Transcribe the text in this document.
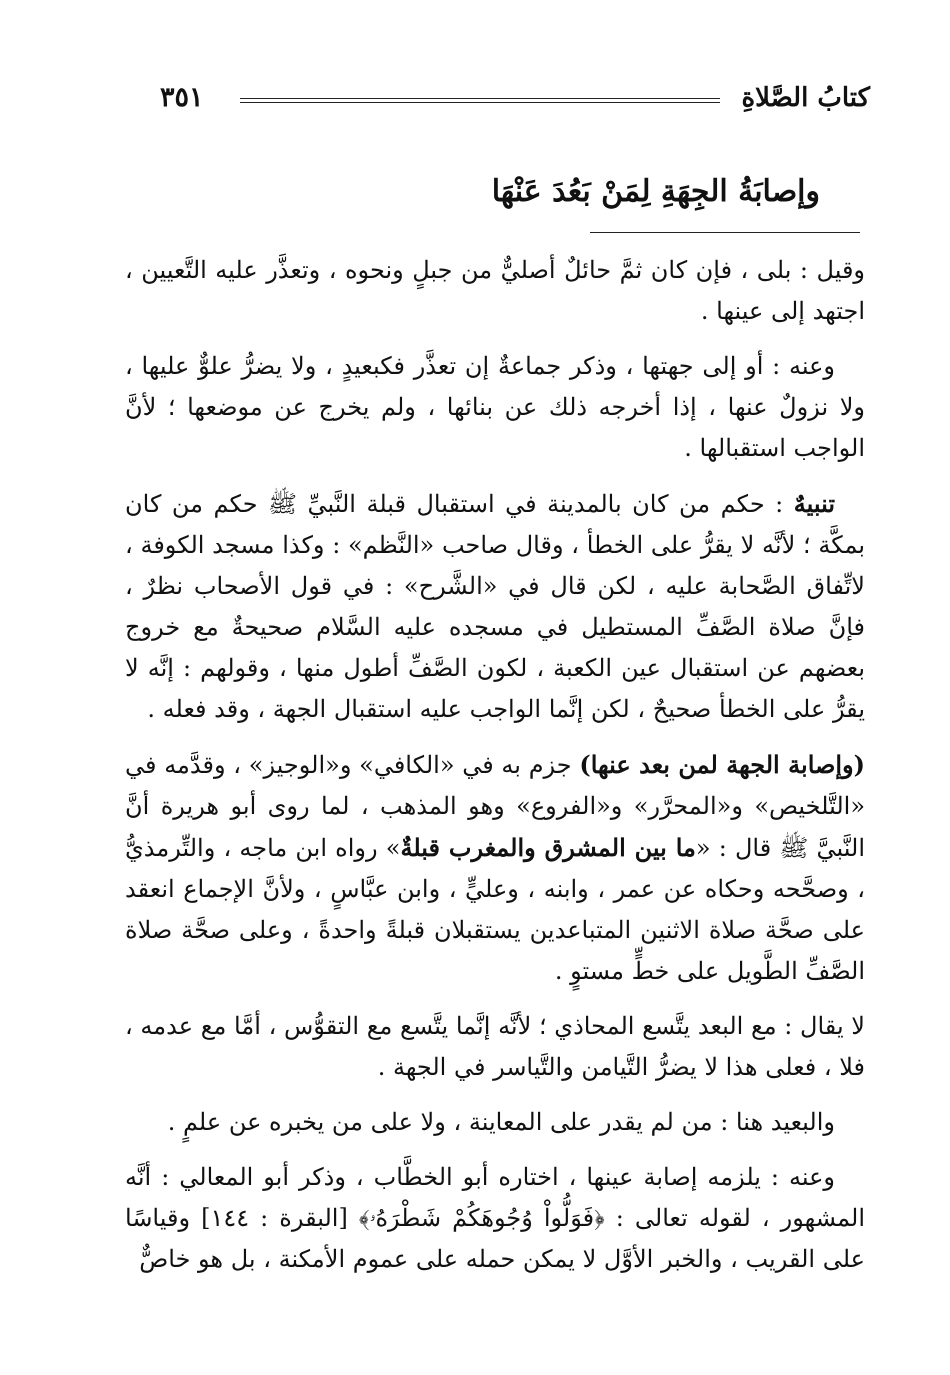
كتابُ الصَّلاةِ
٣٥١
وإصابَةُ الجِهَةِ لِمَنْ بَعُدَ عَنْهَا

وقيل : بلى ، فإن كان ثمَّ حائلٌ أصليٌّ من جبلٍ ونحوه ، وتعذَّر عليه التَّعيين ، اجتهد إلى عينها .

وعنه : أو إلى جهتها ، وذكر جماعةٌ إن تعذَّر فكبعيدٍ ، ولا يضرُّ علوٌّ عليها ، ولا نزولٌ عنها ، إذا أخرجه ذلك عن بنائها ، ولم يخرج عن موضعها ؛ لأنَّ الواجب استقبالها .

تنبيهٌ : حكم من كان بالمدينة في استقبال قبلة النَّبيِّ ﷺ حكم من كان بمكَّة ؛ لأنَّه لا يقرُّ على الخطأ ، وقال صاحب «النَّظم» : وكذا مسجد الكوفة ، لاتِّفاق الصَّحابة عليه ، لكن قال في «الشَّرح» : في قول الأصحاب نظرٌ ، فإنَّ صلاة الصَّفِّ المستطيل في مسجده عليه السَّلام صحيحةٌ مع خروج بعضهم عن استقبال عين الكعبة ، لكون الصَّفِّ أطول منها ، وقولهم : إنَّه لا يقرُّ على الخطأ صحيحٌ ، لكن إنَّما الواجب عليه استقبال الجهة ، وقد فعله .

(وإصابة الجهة لمن بعد عنها) جزم به في «الكافي» و«الوجيز» ، وقدَّمه في «التَّلخيص» و«المحرَّر» و«الفروع» وهو المذهب ، لما روى أبو هريرة أنَّ النَّبيَّ ﷺ قال : «ما بين المشرق والمغرب قبلةٌ» رواه ابن ماجه ، والتِّرمذيُّ ، وصحَّحه وحكاه عن عمر ، وابنه ، وعليٍّ ، وابن عبَّاسٍ ، ولأنَّ الإجماع انعقد على صحَّة صلاة الاثنين المتباعدين يستقبلان قبلةً واحدةً ، وعلى صحَّة صلاة الصَّفِّ الطَّويل على خطٍّ مستوٍ .

لا يقال : مع البعد يتَّسع المحاذي ؛ لأنَّه إنَّما يتَّسع مع التقوُّس ، أمَّا مع عدمه ، فلا ، فعلى هذا لا يضرُّ التَّيامن والتَّياسر في الجهة .

والبعيد هنا : من لم يقدر على المعاينة ، ولا على من يخبره عن علمٍ .

وعنه : يلزمه إصابة عينها ، اختاره أبو الخطَّاب ، وذكر أبو المعالي : أنَّه المشهور ، لقوله تعالى : ﴿فَوَلُّواْ وُجُوهَكُمْ شَطْرَهُۥ﴾ [البقرة : ١٤٤] وقياسًا على القريب ، والخبر الأوَّل لا يمكن حمله على عموم الأمكنة ، بل هو خاصٌّ
